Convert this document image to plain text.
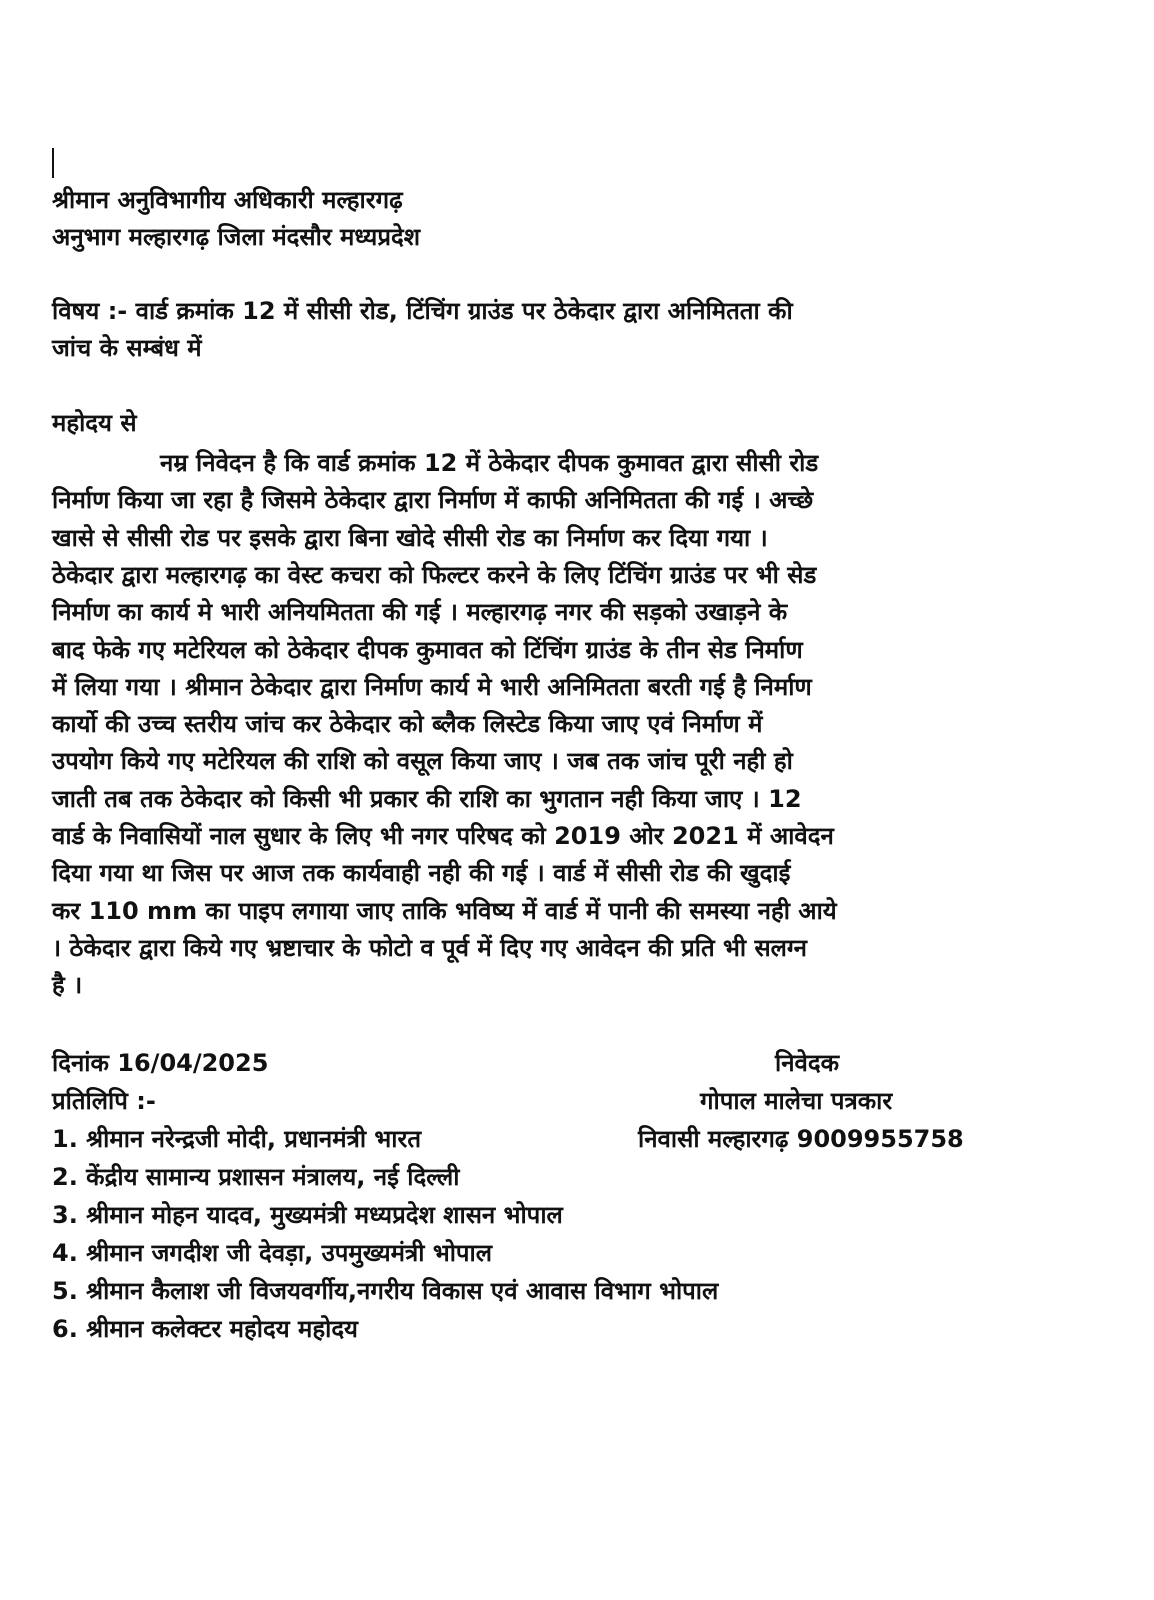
श्रीमान अनुविभागीय अधिकारी मल्हारगढ़
अनुभाग मल्हारगढ़ जिला मंदसौर मध्यप्रदेश
विषय :- वार्ड क्रमांक 12 में सीसी रोड, टिंचिंग ग्राउंड पर ठेकेदार द्वारा अनिमितता की
जांच के सम्बंध में
महोदय से
नम्र निवेदन है कि वार्ड क्रमांक 12 में ठेकेदार दीपक कुमावत द्वारा सीसी रोड
निर्माण किया जा रहा है जिसमे ठेकेदार द्वारा निर्माण में काफी अनिमितता की गई । अच्छे
खासे से सीसी रोड पर इसके द्वारा बिना खोदे सीसी रोड का निर्माण कर दिया गया ।
ठेकेदार द्वारा मल्हारगढ़ का वेस्ट कचरा को फिल्टर करने के लिए टिंचिंग ग्राउंड पर भी सेड
निर्माण का कार्य मे भारी अनियमितता की गई । मल्हारगढ़ नगर की सड़को उखाड़ने के
बाद फेके गए मटेरियल को ठेकेदार दीपक कुमावत को टिंचिंग ग्राउंड के तीन सेड निर्माण
में लिया गया । श्रीमान ठेकेदार द्वारा निर्माण कार्य मे भारी अनिमितता बरती गई है निर्माण
कार्यो की उच्च स्तरीय जांच कर ठेकेदार को ब्लैक लिस्टेड किया जाए एवं निर्माण में
उपयोग किये गए मटेरियल की राशि को वसूल किया जाए । जब तक जांच पूरी नही हो
जाती तब तक ठेकेदार को किसी भी प्रकार की राशि का भुगतान नही किया जाए । 12
वार्ड के निवासियों नाल सुधार के लिए भी नगर परिषद को 2019 ओर 2021 में आवेदन
दिया गया था जिस पर आज तक कार्यवाही नही की गई । वार्ड में सीसी रोड की खुदाई
कर 110 mm का पाइप लगाया जाए ताकि भविष्य में वार्ड में पानी की समस्या नही आये
। ठेकेदार द्वारा किये गए भ्रष्टाचार के फोटो व पूर्व में दिए गए आवेदन की प्रति भी सलग्न
है ।
दिनांक 16/04/2025
प्रतिलिपि :-
1. श्रीमान नरेन्द्रजी मोदी, प्रधानमंत्री भारत
2. केंद्रीय सामान्य प्रशासन मंत्रालय, नई दिल्ली
3. श्रीमान मोहन यादव, मुख्यमंत्री मध्यप्रदेश शासन भोपाल
4. श्रीमान जगदीश जी देवड़ा, उपमुख्यमंत्री भोपाल
5. श्रीमान कैलाश जी विजयवर्गीय,नगरीय विकास एवं आवास विभाग भोपाल
6. श्रीमान कलेक्टर महोदय महोदय
निवेदक
गोपाल मालेचा पत्रकार
निवासी मल्हारगढ़ 9009955758
